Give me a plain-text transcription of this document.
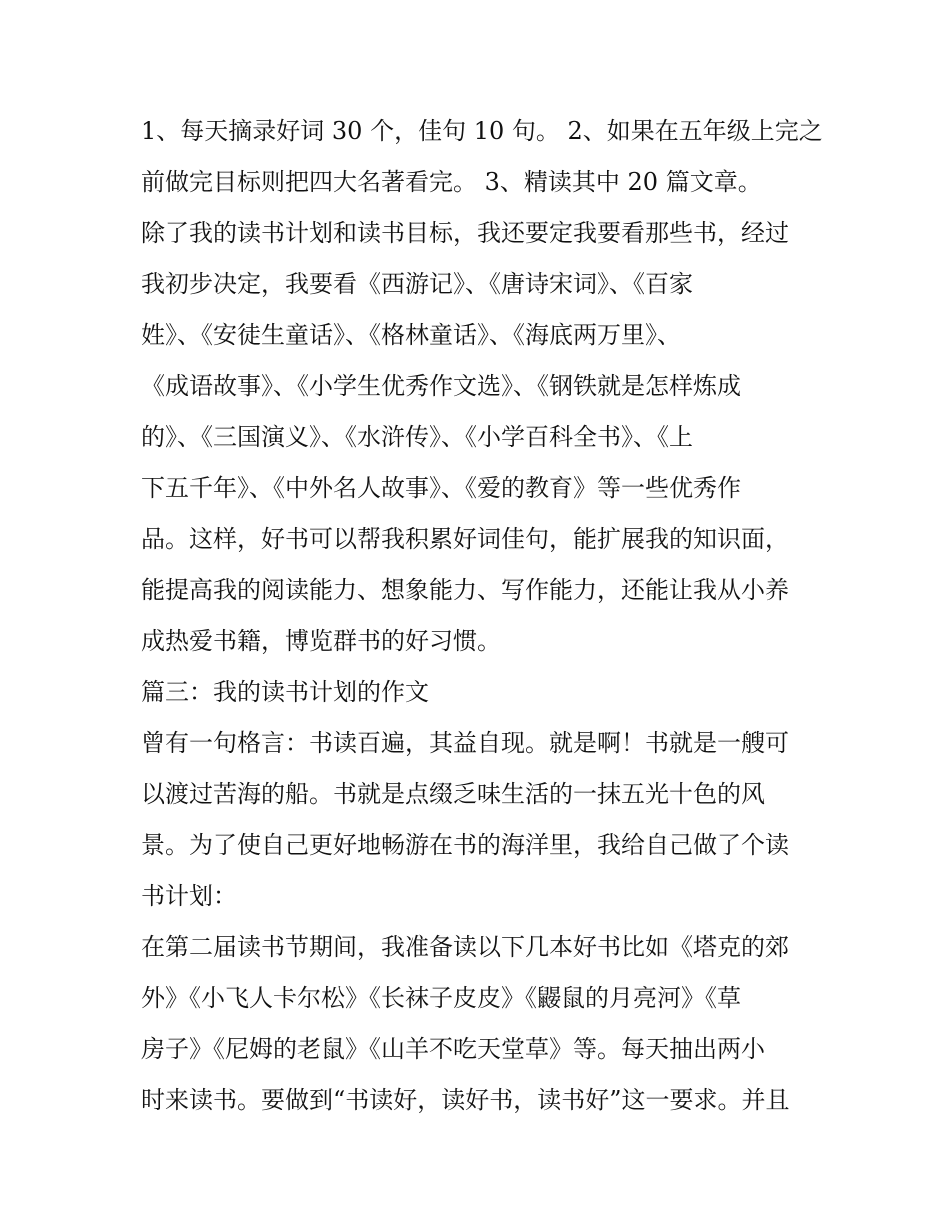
1、每天摘录好词 30 个，佳句 10 句。 2、如果在五年级上完之
前做完目标则把四大名著看完。 3、精读其中 20 篇文章。
除了我的读书计划和读书目标，我还要定我要看那些书，经过
我初步决定，我要看《西游记》、《唐诗宋词》、《百家
姓》、《安徒生童话》、《格林童话》、《海底两万里》、
《成语故事》、《小学生优秀作文选》、《钢铁就是怎样炼成
的》、《三国演义》、《水浒传》、《小学百科全书》、《上
下五千年》、《中外名人故事》、《爱的教育》等一些优秀作
品。这样，好书可以帮我积累好词佳句，能扩展我的知识面，
能提高我的阅读能力、想象能力、写作能力，还能让我从小养
成热爱书籍，博览群书的好习惯。
篇三：我的读书计划的作文
曾有一句格言：书读百遍，其益自现。就是啊！书就是一艘可
以渡过苦海的船。书就是点缀乏味生活的一抹五光十色的风
景。为了使自己更好地畅游在书的海洋里，我给自己做了个读
书计划：
在第二届读书节期间，我准备读以下几本好书比如《塔克的郊
外》《小飞人卡尔松》《长袜子皮皮》《鼹鼠的月亮河》《草
房子》《尼姆的老鼠》《山羊不吃天堂草》等。每天抽出两小
时来读书。要做到“书读好，读好书，读书好”这一要求。并且
